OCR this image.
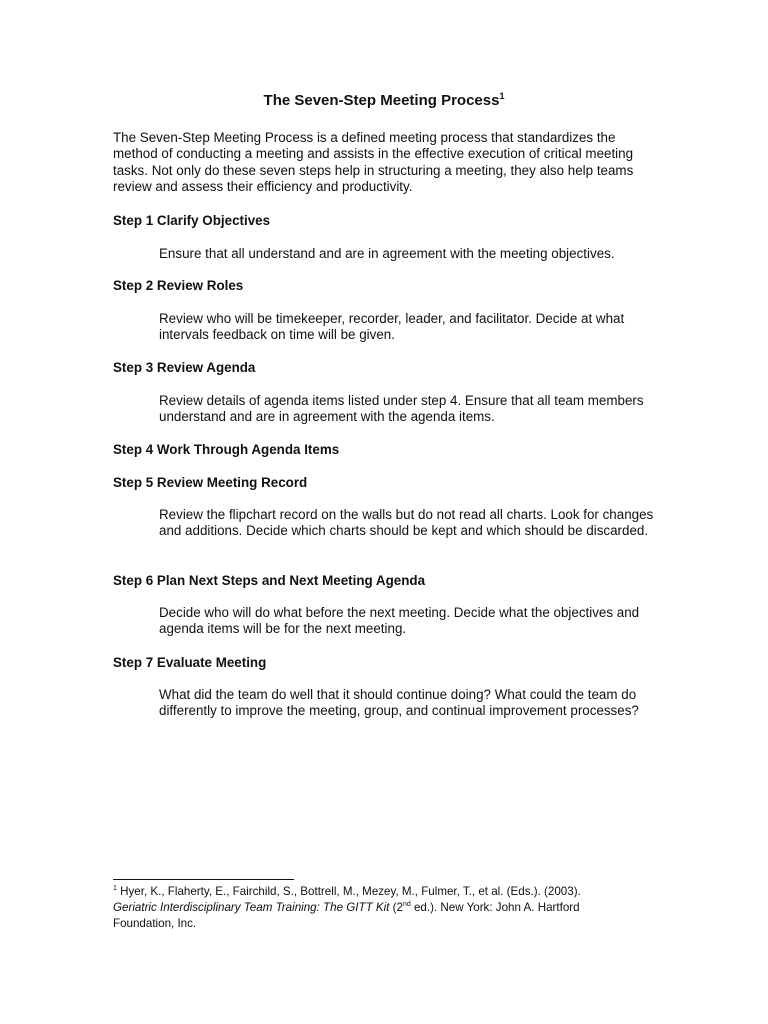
The Seven-Step Meeting Process$^1$
The Seven-Step Meeting Process is a defined meeting process that standardizes the method of conducting a meeting and assists in the effective execution of critical meeting tasks. Not only do these seven steps help in structuring a meeting, they also help teams review and assess their efficiency and productivity.
Step 1 Clarify Objectives
Ensure that all understand and are in agreement with the meeting objectives.
Step 2 Review Roles
Review who will be timekeeper, recorder, leader, and facilitator. Decide at what intervals feedback on time will be given.
Step 3 Review Agenda
Review details of agenda items listed under step 4. Ensure that all team members understand and are in agreement with the agenda items.
Step 4 Work Through Agenda Items
Step 5 Review Meeting Record
Review the flipchart record on the walls but do not read all charts. Look for changes and additions. Decide which charts should be kept and which should be discarded.
Step 6 Plan Next Steps and Next Meeting Agenda
Decide who will do what before the next meeting. Decide what the objectives and agenda items will be for the next meeting.
Step 7 Evaluate Meeting
What did the team do well that it should continue doing? What could the team do differently to improve the meeting, group, and continual improvement processes?
$^1$ Hyer, K., Flaherty, E., Fairchild, S., Bottrell, M., Mezey, M., Fulmer, T., et al. (Eds.). (2003).
Geriatric Interdisciplinary Team Training: The GITT Kit (2nd ed.). New York: John A. Hartford Foundation, Inc.
